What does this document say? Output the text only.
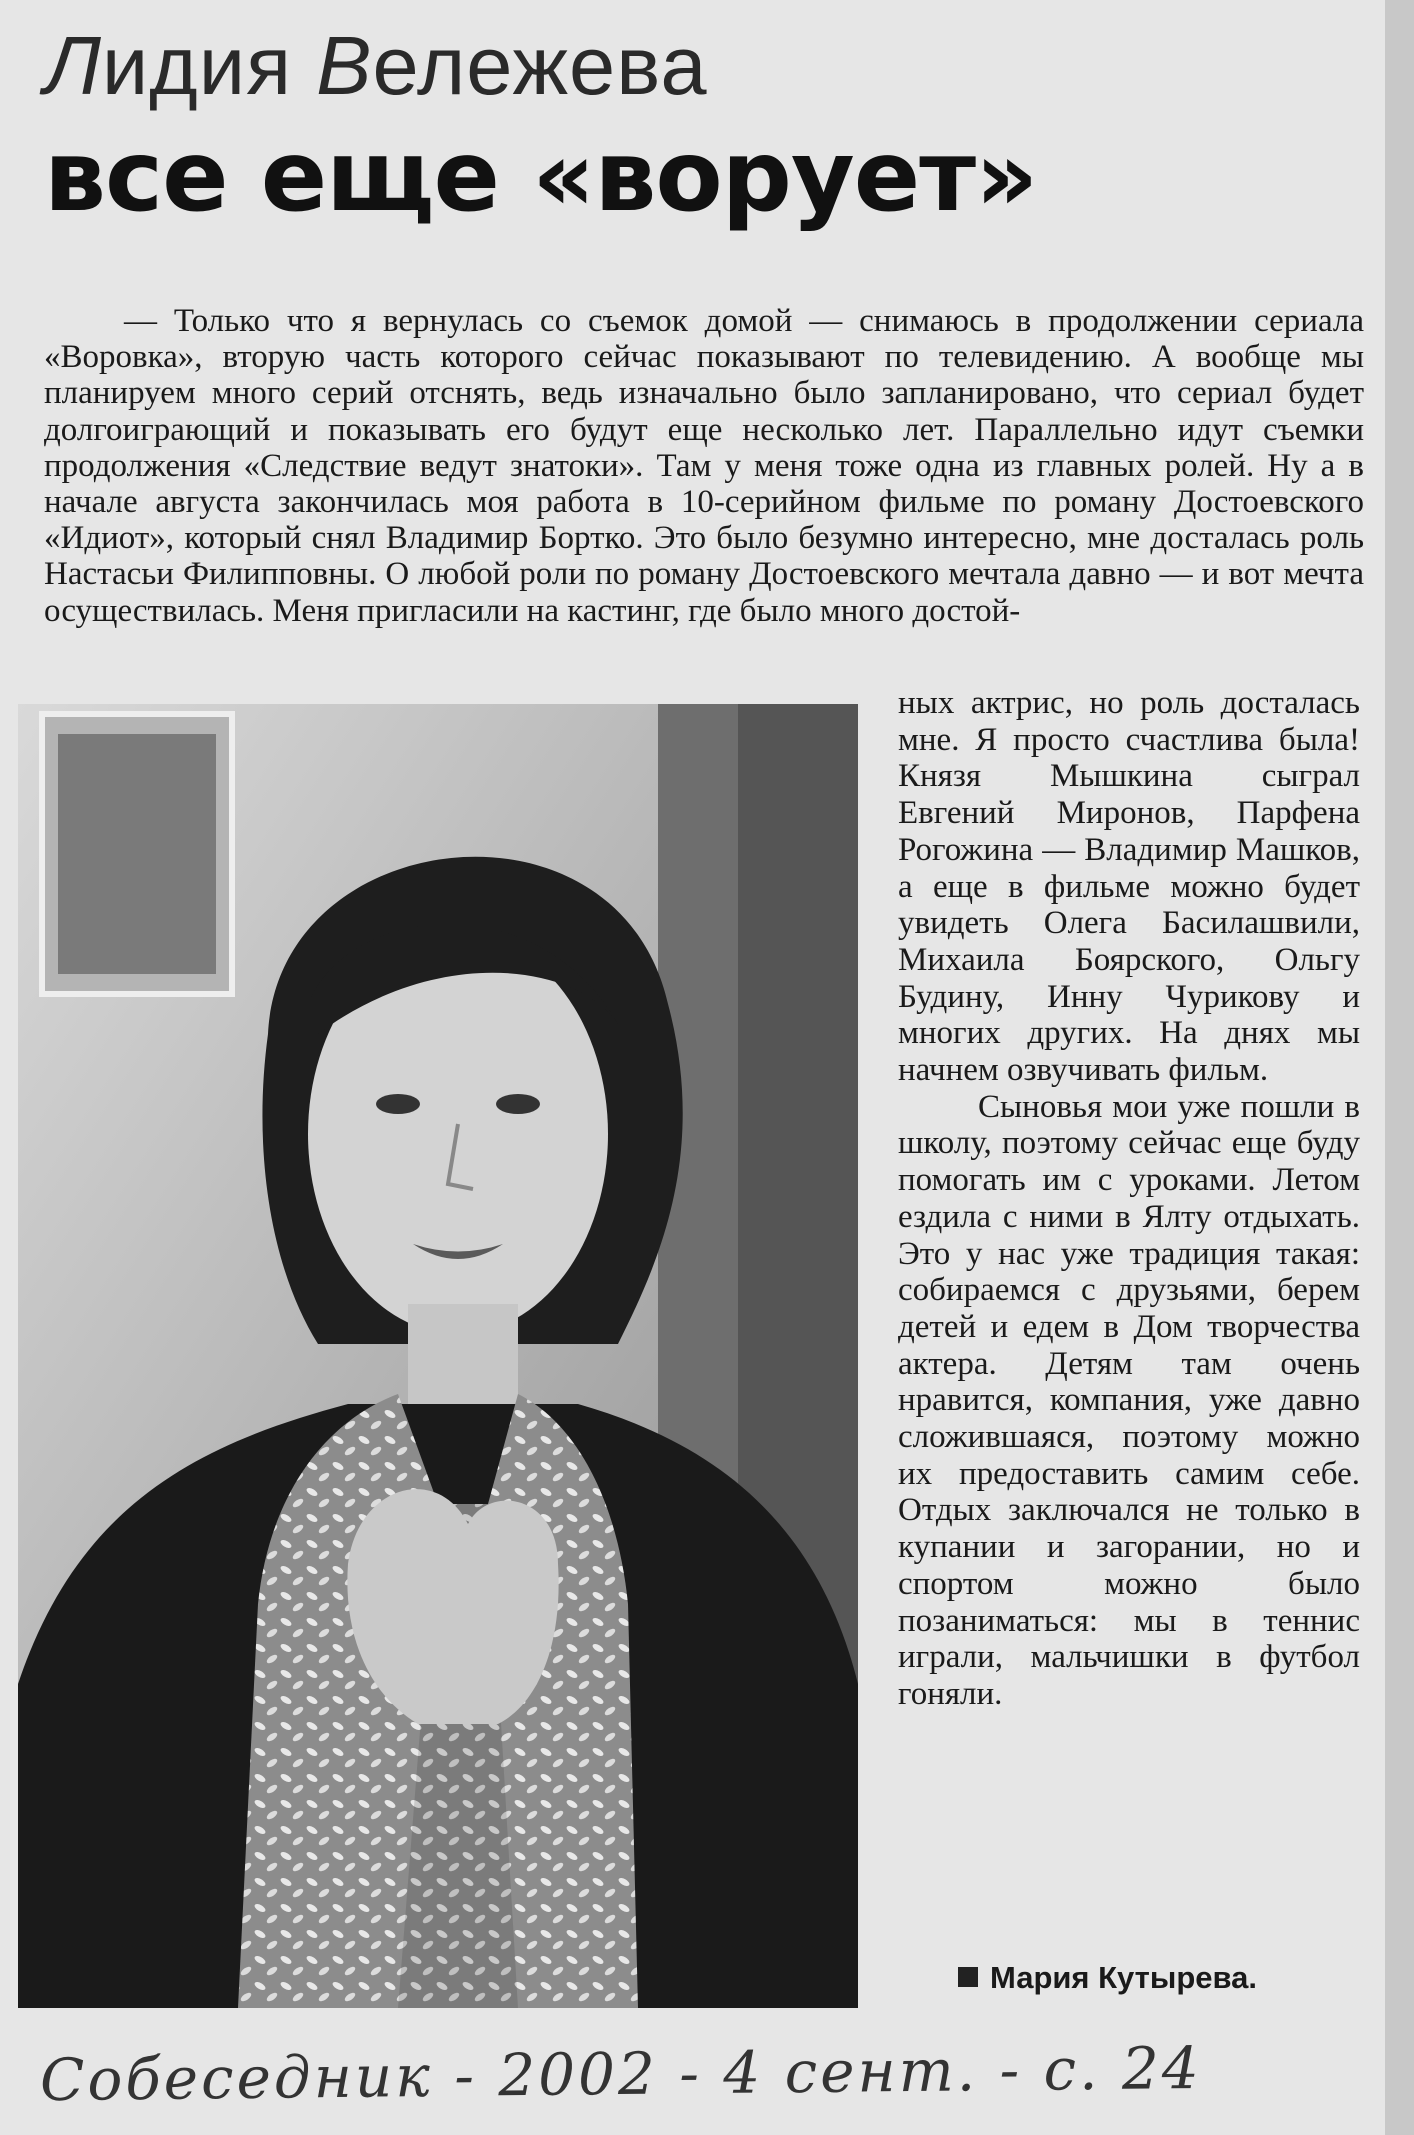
Лидия Вележева
все еще «ворует»

— Только что я вернулась со съемок домой — снимаюсь в продолжении сериала «Воровка», вторую часть которого сейчас показывают по телевидению. А вообще мы планируем много серий отснять, ведь изначально было запланировано, что сериал будет долгоиграющий и показывать его будут еще несколько лет. Параллельно идут съемки продолжения «Следствие ведут знатоки». Там у меня тоже одна из главных ролей. Ну а в начале августа закончилась моя работа в 10-серийном фильме по роману Достоевского «Идиот», который снял Владимир Бортко. Это было безумно интересно, мне досталась роль Настасьи Филипповны. О любой роли по роману Достоевского мечтала давно — и вот мечта осуществилась. Меня пригласили на кастинг, где было много достой-

ных актрис, но роль досталась мне. Я просто счастлива была! Князя Мышкина сыграл Евгений Миронов, Парфена Рогожина — Владимир Машков, а еще в фильме можно будет увидеть Олега Басилашвили, Михаила Боярского, Ольгу Будину, Инну Чурикову и многих других. На днях мы начнем озвучивать фильм.

Сыновья мои уже пошли в школу, поэтому сейчас еще буду помогать им с уроками. Летом ездила с ними в Ялту отдыхать. Это у нас уже традиция такая: собираемся с друзьями, берем детей и едем в Дом творчества актера. Детям там очень нравится, компания, уже давно сложившаяся, поэтому можно их предоставить самим себе. Отдых заключался не только в купании и загорании, но и спортом можно было позаниматься: мы в теннис играли, мальчишки в футбол гоняли.

Мария Кутырева.
Собеседник - 2002 - 4 сент. - с. 24
